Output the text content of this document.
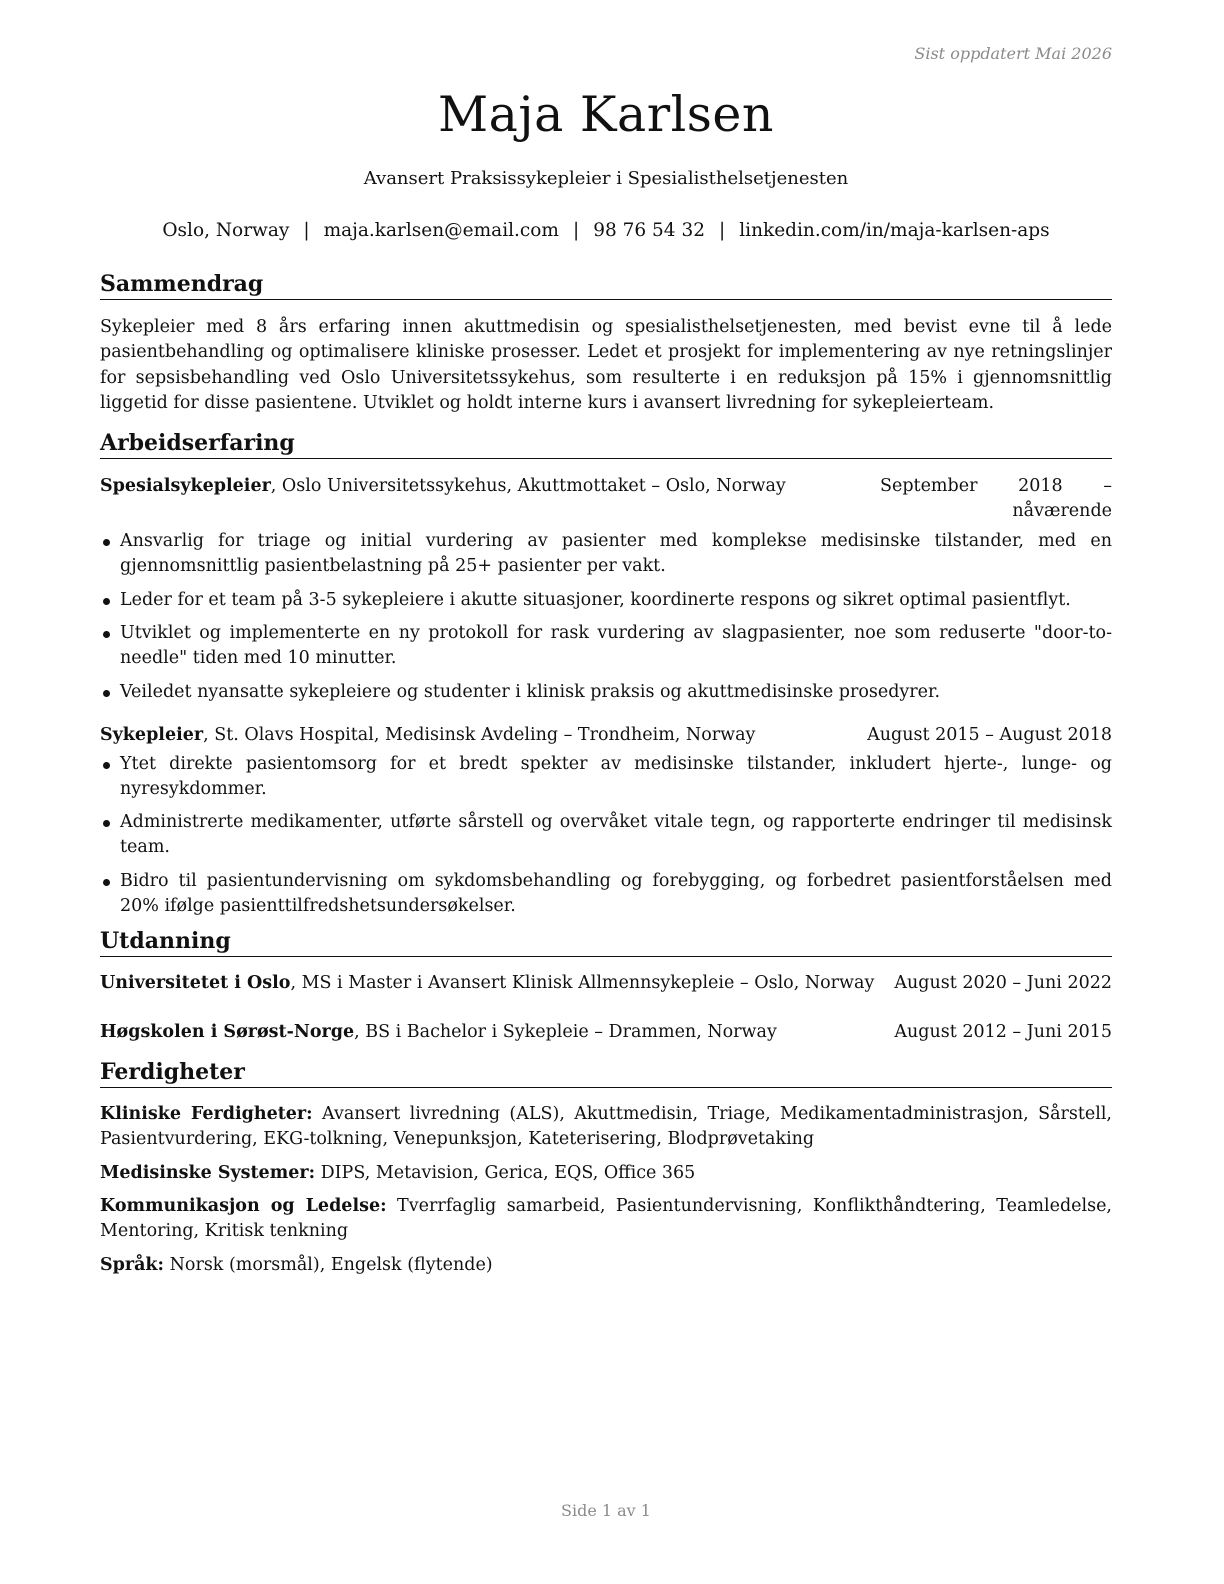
Sist oppdatert Mai 2026
Maja Karlsen
Avansert Praksissykepleier i Spesialisthelsetjenesten
Oslo, Norway | maja.karlsen@email.com | 98 76 54 32 | linkedin.com/in/maja-karlsen-aps
Sammendrag

Sykepleier med 8 års erfaring innen akuttmedisin og spesialisthelsetjenesten, med bevist evne til å lede pasientbehandling og optimalisere kliniske prosesser. Ledet et prosjekt for implementering av nye retningslinjer for sepsisbehandling ved Oslo Universitetssykehus, som resulterte i en reduksjon på 15% i gjennomsnittlig liggetid for disse pasientene. Utviklet og holdt interne kurs i avansert livredning for sykepleierteam.

Arbeidserfaring
Spesialsykepleier, Oslo Universitetssykehus, Akuttmottaket – Oslo, Norway	September 2018 – nåværende
Ansvarlig for triage og initial vurdering av pasienter med komplekse medisinske tilstander, med en gjennomsnittlig pasientbelastning på 25+ pasienter per vakt.
Leder for et team på 3-5 sykepleiere i akutte situasjoner, koordinerte respons og sikret optimal pasientflyt.
Utviklet og implementerte en ny protokoll for rask vurdering av slagpasienter, noe som reduserte "door-to-needle" tiden med 10 minutter.
Veiledet nyansatte sykepleiere og studenter i klinisk praksis og akuttmedisinske prosedyrer.
Sykepleier, St. Olavs Hospital, Medisinsk Avdeling – Trondheim, Norway	August 2015 – August 2018
Ytet direkte pasientomsorg for et bredt spekter av medisinske tilstander, inkludert hjerte-, lunge- og nyresykdommer.
Administrerte medikamenter, utførte sårstell og overvåket vitale tegn, og rapporterte endringer til medisinsk team.
Bidro til pasientundervisning om sykdomsbehandling og forebygging, og forbedret pasientforståelsen med 20% ifølge pasienttilfredshetsundersøkelser.
Utdanning
Universitetet i Oslo, MS i Master i Avansert Klinisk Allmennsykepleie – Oslo, Norway August 2020 – Juni 2022
Høgskolen i Sørøst-Norge, BS i Bachelor i Sykepleie – Drammen, Norway	August 2012 – Juni 2015
Ferdigheter
Kliniske Ferdigheter: Avansert livredning (ALS), Akuttmedisin, Triage, Medikamentadministrasjon, Sårstell, Pasientvurdering, EKG-tolkning, Venepunksjon, Kateterisering, Blodprøvetaking
Medisinske Systemer: DIPS, Metavision, Gerica, EQS, Office 365
Kommunikasjon og Ledelse: Tverrfaglig samarbeid, Pasientundervisning, Konflikthåndtering, Teamledelse, Mentoring, Kritisk tenkning
Språk: Norsk (morsmål), Engelsk (flytende)
Side 1 av 1
